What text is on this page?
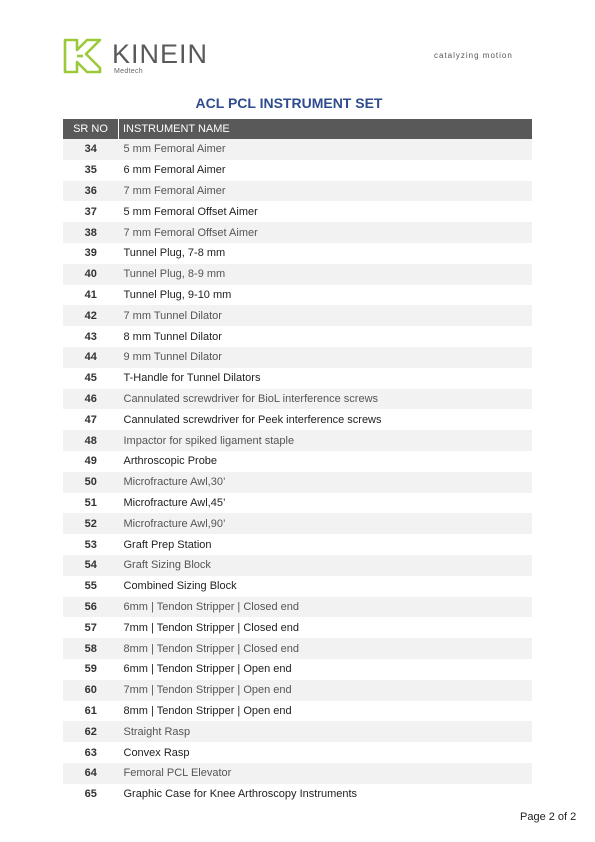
KINEIN
Medtech
catalyzing motion
ACL PCL INSTRUMENT SET
SR NO	INSTRUMENT NAME
34	5 mm Femoral Aimer
35	6 mm Femoral Aimer
36	7 mm Femoral Aimer
37	5 mm Femoral Offset Aimer
38	7 mm Femoral Offset Aimer
39	Tunnel Plug, 7-8 mm
40	Tunnel Plug, 8-9 mm
41	Tunnel Plug, 9-10 mm
42	7 mm Tunnel Dilator
43	8 mm Tunnel Dilator
44	9 mm Tunnel Dilator
45	T-Handle for Tunnel Dilators
46	Cannulated screwdriver for BioL interference screws
47	Cannulated screwdriver for Peek interference screws
48	Impactor for spiked ligament staple
49	Arthroscopic Probe
50	Microfracture Awl,30’
51	Microfracture Awl,45’
52	Microfracture Awl,90’
53	Graft Prep Station
54	Graft Sizing Block
55	Combined Sizing Block
56	6mm | Tendon Stripper | Closed end
57	7mm | Tendon Stripper | Closed end
58	8mm | Tendon Stripper | Closed end
59	6mm | Tendon Stripper | Open end
60	7mm | Tendon Stripper | Open end
61	8mm | Tendon Stripper | Open end
62	Straight Rasp
63	Convex Rasp
64	Femoral PCL Elevator
65	Graphic Case for Knee Arthroscopy Instruments
Page 2 of 2
